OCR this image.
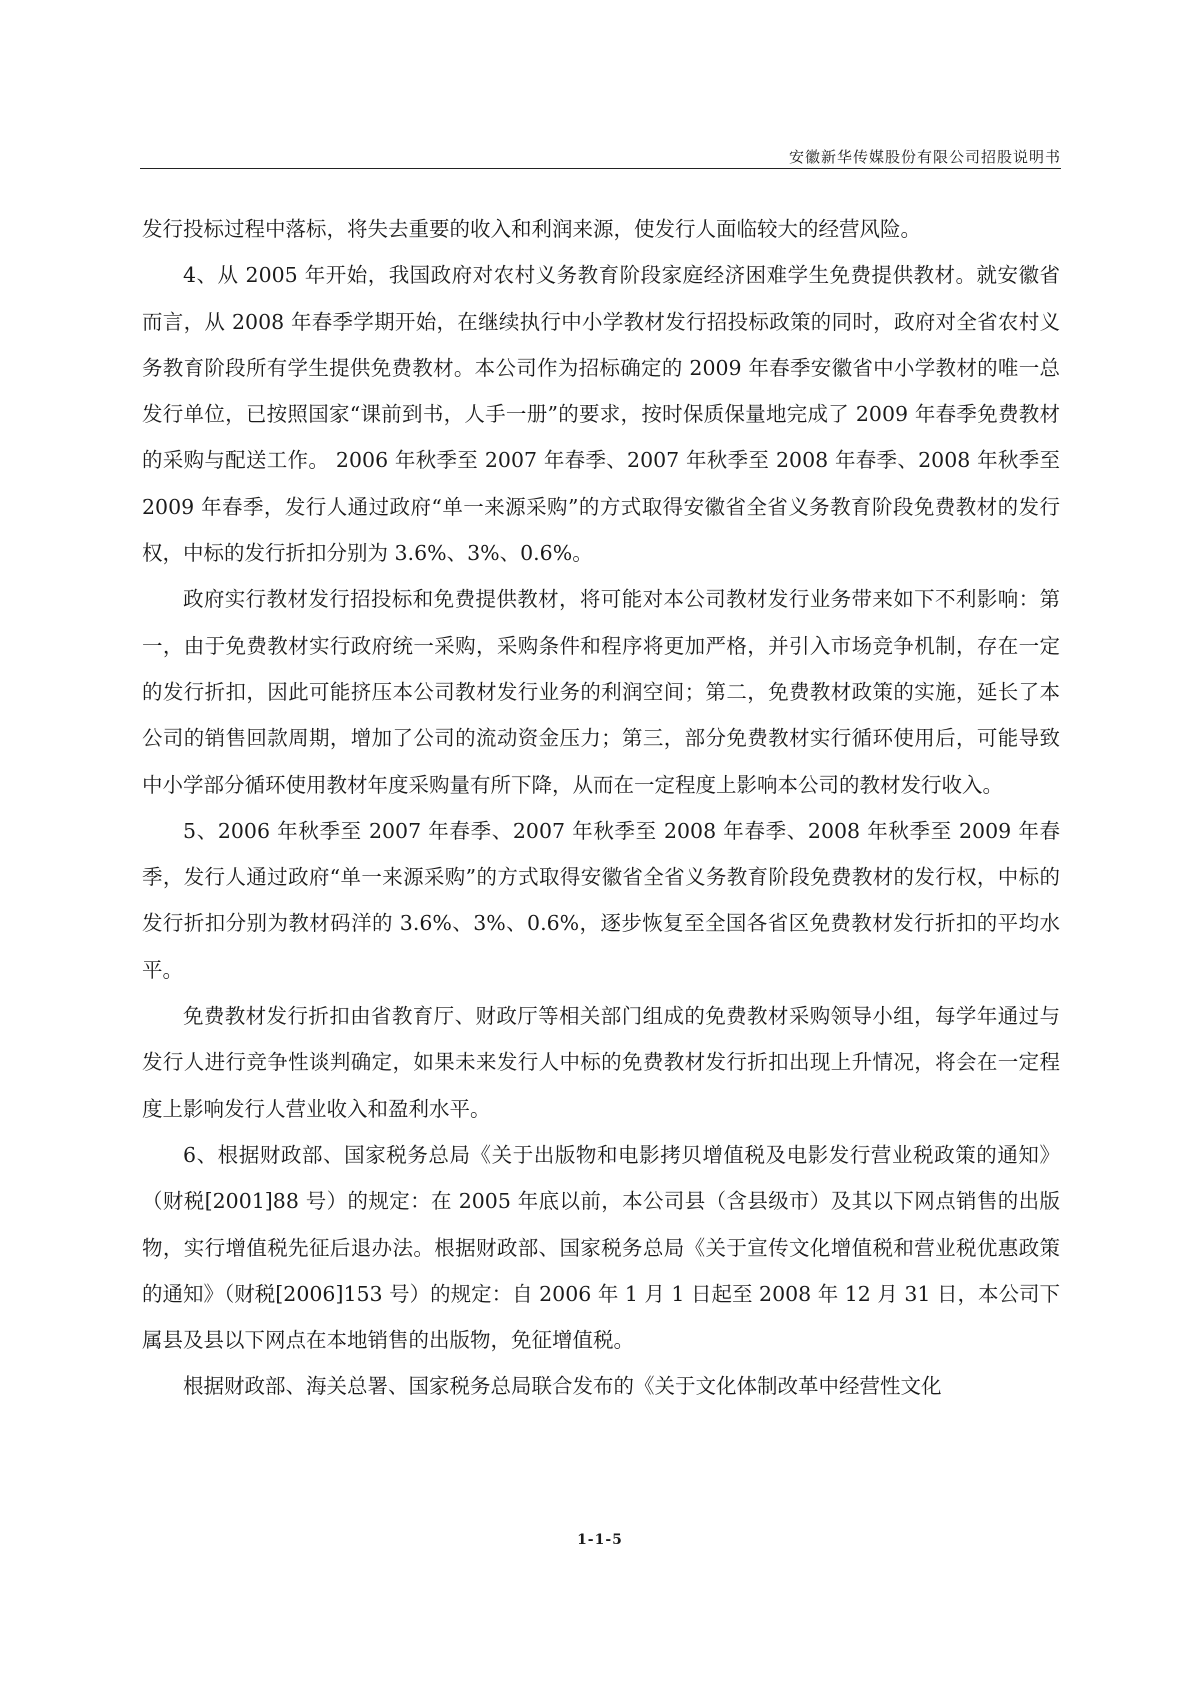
安徽新华传媒股份有限公司招股说明书

发行投标过程中落标，将失去重要的收入和利润来源，使发行人面临较大的经营风险。

4、从 2005 年开始，我国政府对农村义务教育阶段家庭经济困难学生免费提供教材。就安徽省而言，从 2008 年春季学期开始，在继续执行中小学教材发行招投标政策的同时，政府对全省农村义务教育阶段所有学生提供免费教材。本公司作为招标确定的 2009 年春季安徽省中小学教材的唯一总发行单位，已按照国家“课前到书，人手一册”的要求，按时保质保量地完成了 2009 年春季免费教材的采购与配送工作。 2006 年秋季至 2007 年春季、2007 年秋季至 2008 年春季、2008 年秋季至 2009 年春季，发行人通过政府“单一来源采购”的方式取得安徽省全省义务教育阶段免费教材的发行权，中标的发行折扣分别为 3.6%、3%、0.6%。

政府实行教材发行招投标和免费提供教材，将可能对本公司教材发行业务带来如下不利影响：第一，由于免费教材实行政府统一采购，采购条件和程序将更加严格，并引入市场竞争机制，存在一定的发行折扣，因此可能挤压本公司教材发行业务的利润空间；第二，免费教材政策的实施，延长了本公司的销售回款周期，增加了公司的流动资金压力；第三，部分免费教材实行循环使用后，可能导致中小学部分循环使用教材年度采购量有所下降，从而在一定程度上影响本公司的教材发行收入。

5、2006 年秋季至 2007 年春季、2007 年秋季至 2008 年春季、2008 年秋季至 2009 年春季，发行人通过政府“单一来源采购”的方式取得安徽省全省义务教育阶段免费教材的发行权，中标的发行折扣分别为教材码洋的 3.6%、3%、0.6%，逐步恢复至全国各省区免费教材发行折扣的平均水平。

免费教材发行折扣由省教育厅、财政厅等相关部门组成的免费教材采购领导小组，每学年通过与发行人进行竞争性谈判确定，如果未来发行人中标的免费教材发行折扣出现上升情况，将会在一定程度上影响发行人营业收入和盈利水平。

6、根据财政部、国家税务总局《关于出版物和电影拷贝增值税及电影发行营业税政策的通知》（财税[2001]88 号）的规定：在 2005 年底以前，本公司县（含县级市）及其以下网点销售的出版物，实行增值税先征后退办法。根据财政部、国家税务总局《关于宣传文化增值税和营业税优惠政策的通知》（财税[2006]153 号）的规定：自 2006 年 1 月 1 日起至 2008 年 12 月 31 日，本公司下属县及县以下网点在本地销售的出版物，免征增值税。

根据财政部、海关总署、国家税务总局联合发布的《关于文化体制改革中经营性文化

1-1-5
